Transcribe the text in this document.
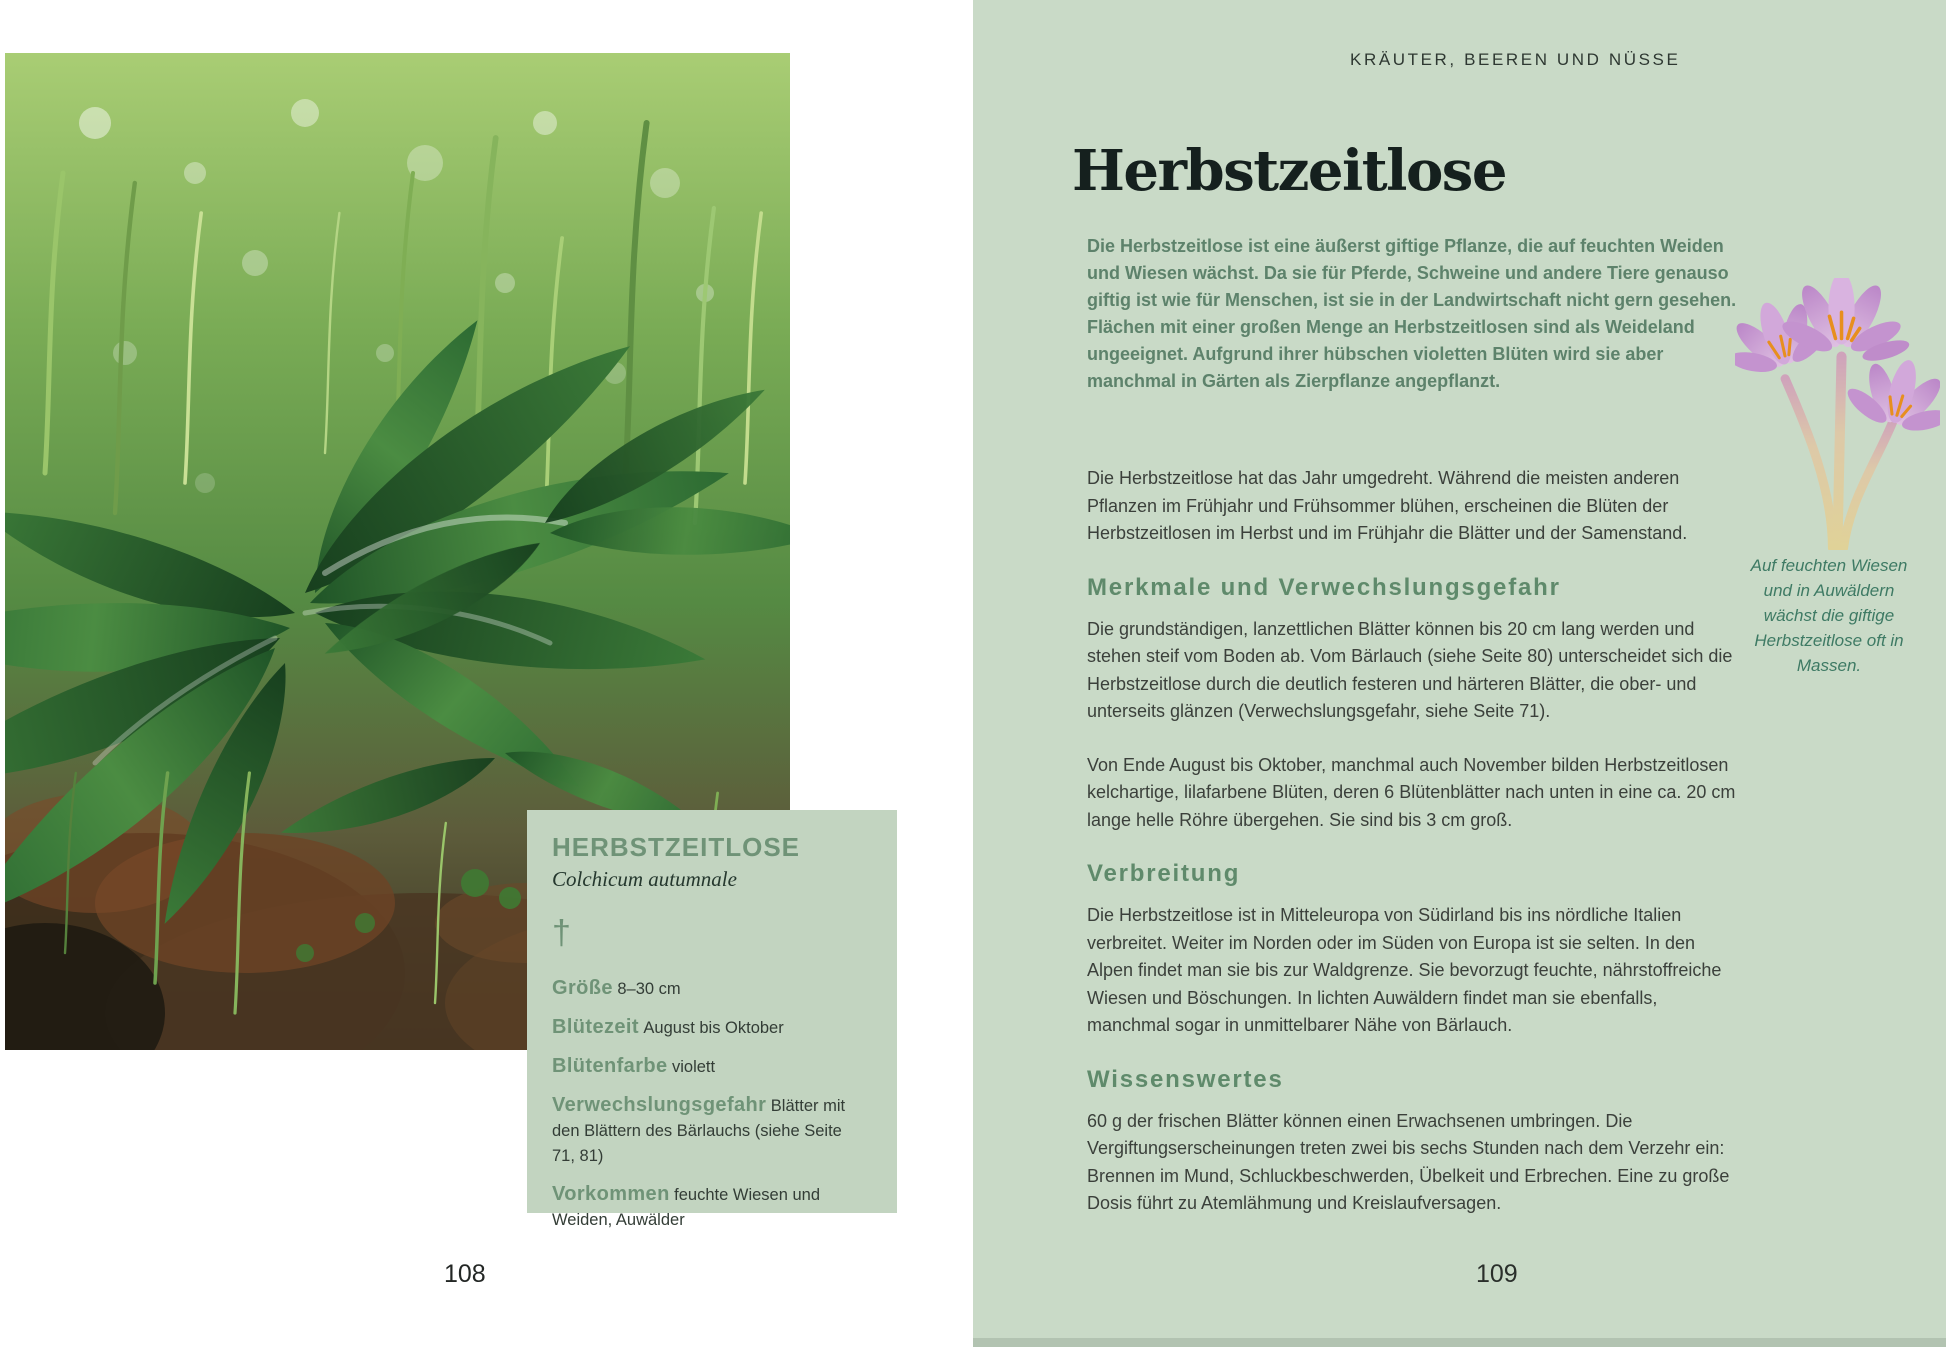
HERBSTZEITLOSE

Colchicum autumnale

†

Größe 8–30 cm

Blütezeit August bis Oktober

Blütenfarbe violett

Verwechslungsgefahr Blätter mit den Blättern des Bärlauchs (siehe Seite 71, 81)

Vorkommen feuchte Wiesen und Weiden, Auwälder

108
KRÄUTER, BEEREN UND NÜSSE
Herbstzeitlose

Die Herbstzeitlose ist eine äußerst giftige Pflanze, die auf feuchten Weiden und Wiesen wächst. Da sie für Pferde, Schweine und andere Tiere genauso giftig ist wie für Menschen, ist sie in der Landwirtschaft nicht gern gesehen. Flächen mit einer großen Menge an Herbstzeitlosen sind als Weideland ungeeignet. Aufgrund ihrer hübschen violetten Blüten wird sie aber manchmal in Gärten als Zierpflanze angepflanzt.

Die Herbstzeitlose hat das Jahr umgedreht. Während die meisten anderen Pflanzen im Frühjahr und Frühsommer blühen, erscheinen die Blüten der Herbstzeitlosen im Herbst und im Frühjahr die Blätter und der Samenstand.

Merkmale und Verwechslungsgefahr

Die grundständigen, lanzettlichen Blätter können bis 20 cm lang werden und stehen steif vom Boden ab. Vom Bärlauch (siehe Seite 80) unterscheidet sich die Herbstzeitlose durch die deutlich festeren und härteren Blätter, die ober- und unterseits glänzen (Verwechslungsgefahr, siehe Seite 71).

Von Ende August bis Oktober, manchmal auch November bilden Herbstzeitlosen kelchartige, lilafarbene Blüten, deren 6 Blütenblätter nach unten in eine ca. 20 cm lange helle Röhre übergehen. Sie sind bis 3 cm groß.

Verbreitung

Die Herbstzeitlose ist in Mitteleuropa von Südirland bis ins nördliche Italien verbreitet. Weiter im Norden oder im Süden von Europa ist sie selten. In den Alpen findet man sie bis zur Waldgrenze. Sie bevorzugt feuchte, nährstoffreiche Wiesen und Böschungen. In lichten Auwäldern findet man sie ebenfalls, manchmal sogar in unmittelbarer Nähe von Bärlauch.

Wissenswertes

60 g der frischen Blätter können einen Erwachsenen umbringen. Die Vergiftungserscheinungen treten zwei bis sechs Stunden nach dem Verzehr ein: Brennen im Mund, Schluckbeschwerden, Übelkeit und Erbrechen. Eine zu große Dosis führt zu Atemlähmung und Kreislaufversagen.

Auf feuchten Wiesen und in Auwäldern wächst die giftige Herbstzeitlose oft in Massen.

109
